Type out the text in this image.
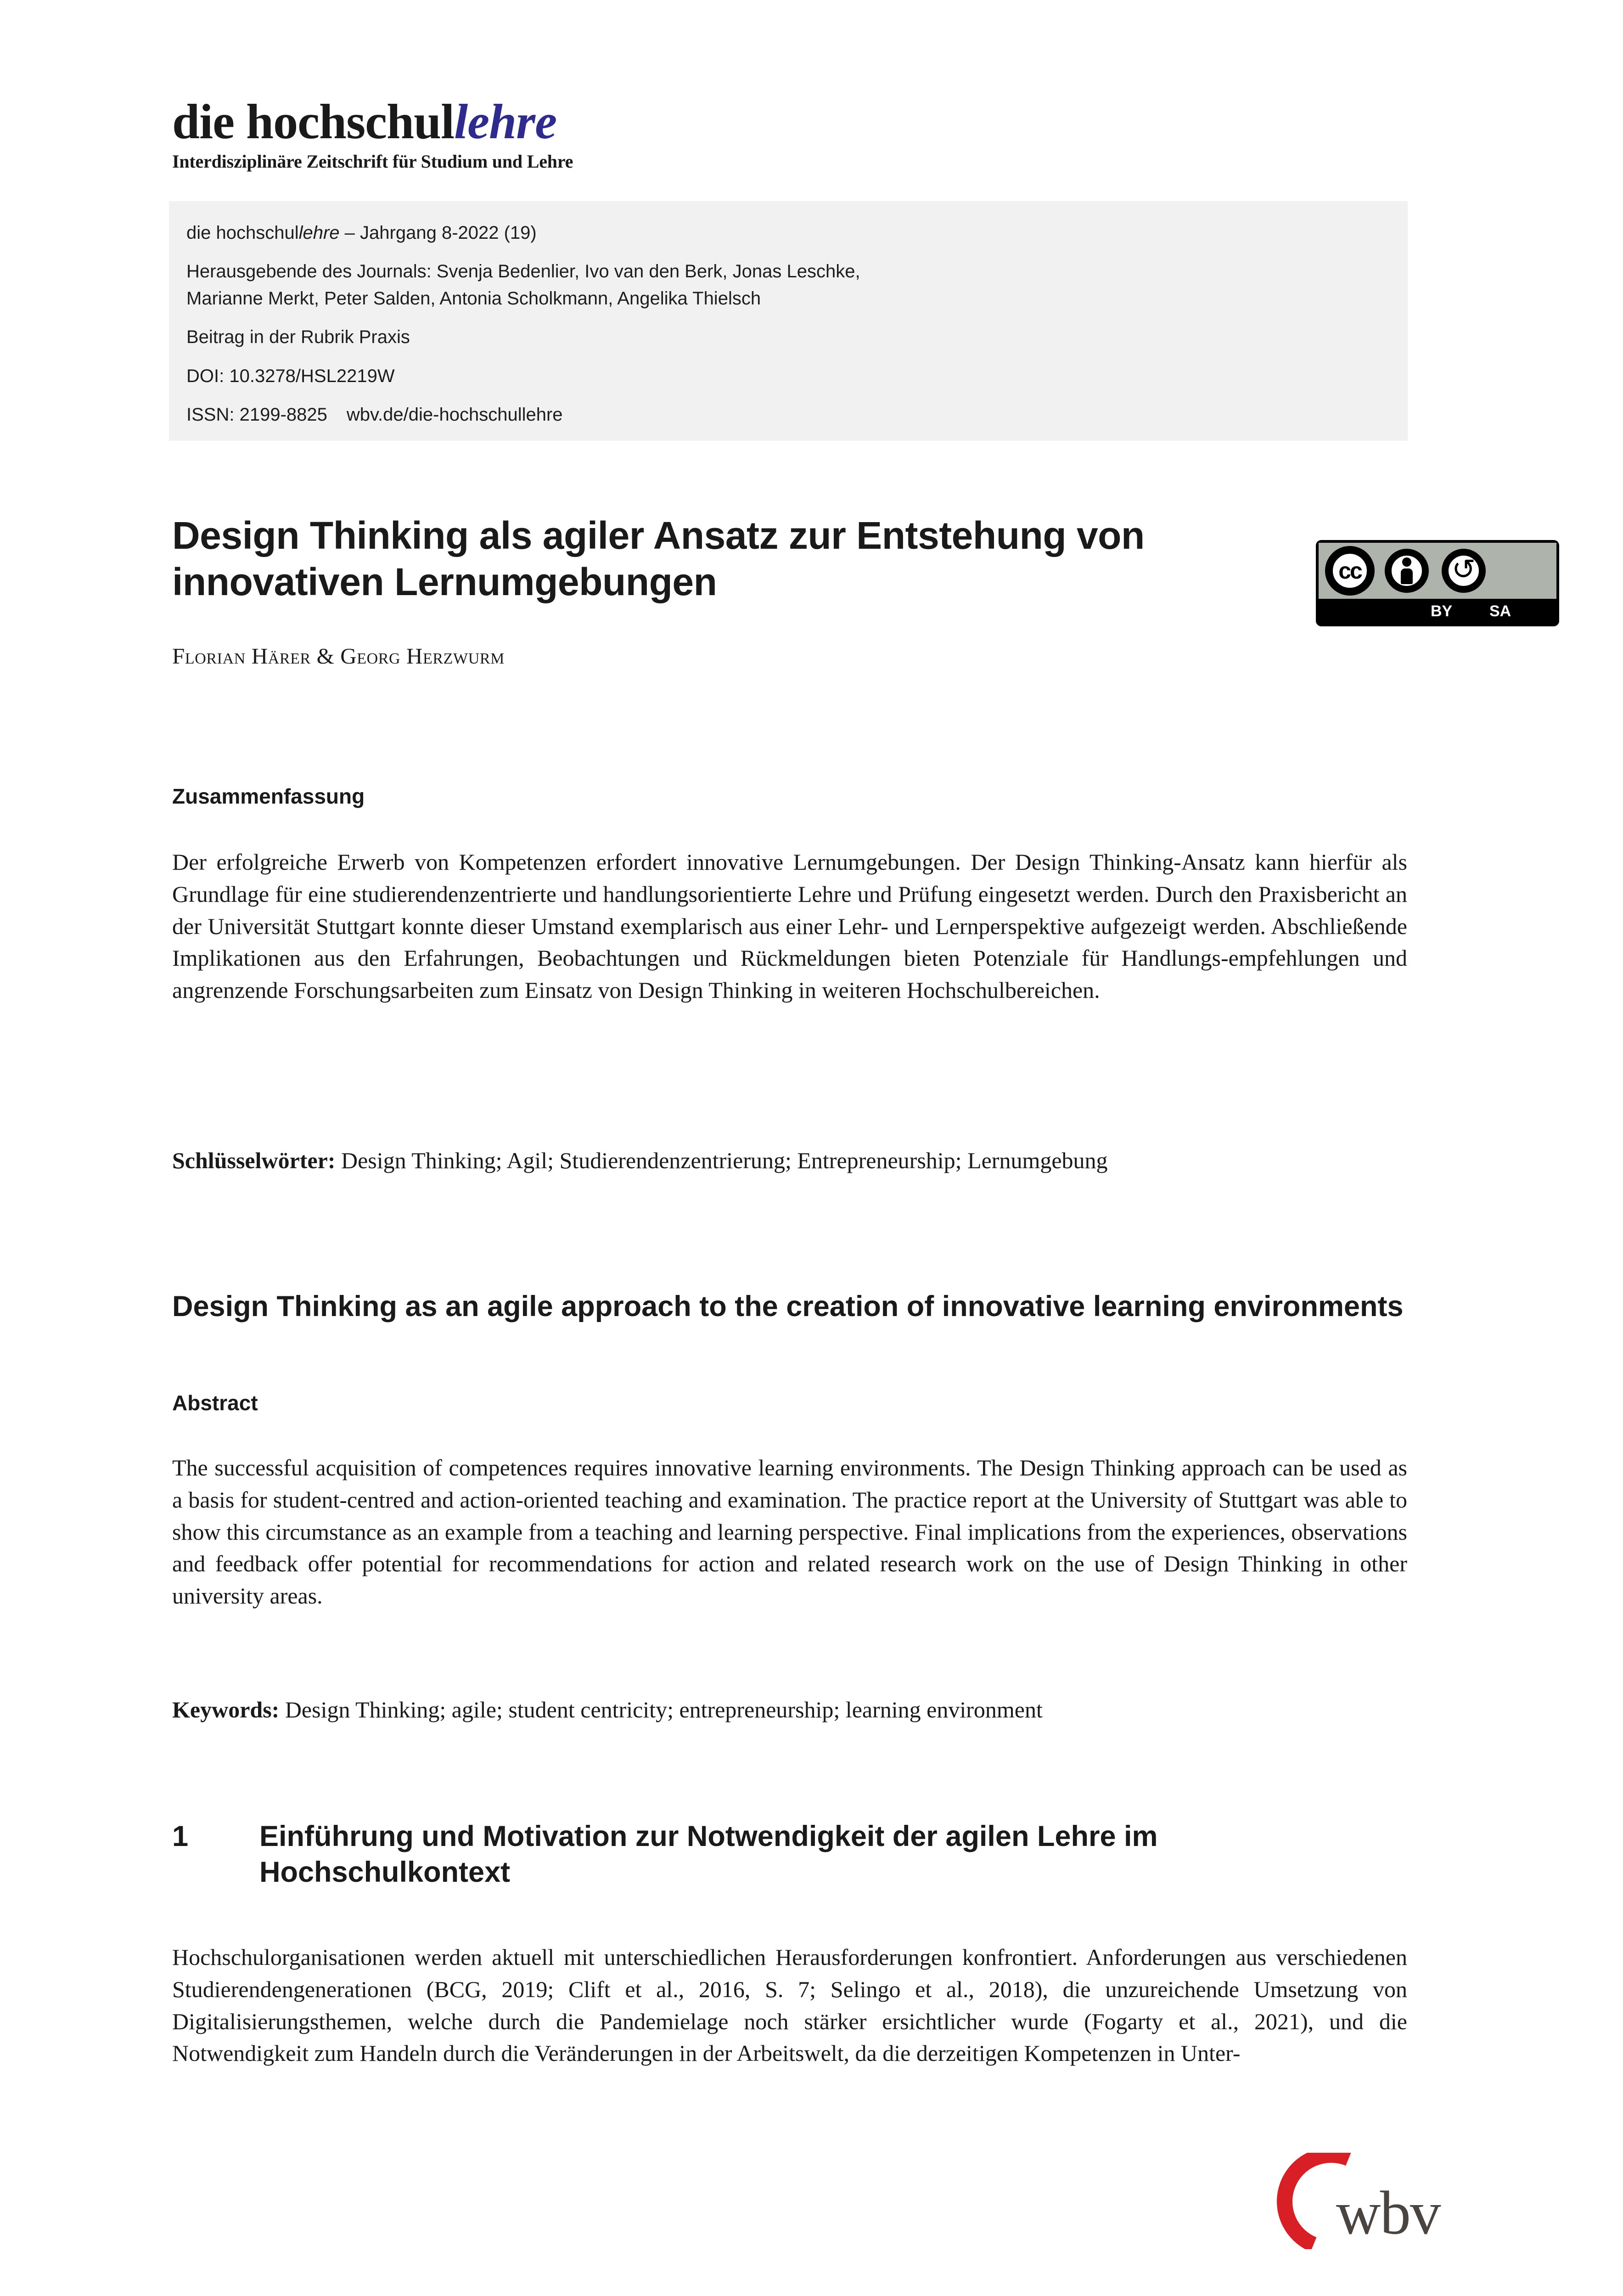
die hochschullehre
Interdisziplinäre Zeitschrift für Studium und Lehre
die hochschullehre – Jahrgang 8-2022 (19)
Herausgebende des Journals: Svenja Bedenlier, Ivo van den Berk, Jonas Leschke,
Marianne Merkt, Peter Salden, Antonia Scholkmann, Angelika Thielsch
Beitrag in der Rubrik Praxis
DOI: 10.3278/HSL2219W
ISSN: 2199-8825 wbv.de/die-hochschullehre
cc	↻
BY SA
Design Thinking als agiler Ansatz zur Entstehung von innovativen Lernumgebungen
Florian Härer & Georg Herzwurm
Zusammenfassung

Der erfolgreiche Erwerb von Kompetenzen erfordert innovative Lernumgebungen. Der Design Thinking-Ansatz kann hierfür als Grundlage für eine studierendenzentrierte und handlungsorientierte Lehre und Prüfung eingesetzt werden. Durch den Praxisbericht an der Universität Stuttgart konnte dieser Umstand exemplarisch aus einer Lehr- und Lernperspektive aufgezeigt werden. Abschließende Implikationen aus den Erfahrungen, Beobachtungen und Rückmeldungen bieten Potenziale für Handlungs-empfehlungen und angrenzende Forschungsarbeiten zum Einsatz von Design Thinking in weiteren Hochschulbereichen.

Schlüsselwörter: Design Thinking; Agil; Studierendenzentrierung; Entrepreneurship; Lernumgebung

Design Thinking as an agile approach to the creation of innovative learning environments
Abstract

The successful acquisition of competences requires innovative learning environments. The Design Thinking approach can be used as a basis for student-centred and action-oriented teaching and examination. The practice report at the University of Stuttgart was able to show this circumstance as an example from a teaching and learning perspective. Final implications from the experiences, observations and feedback offer potential for recommendations for action and related research work on the use of Design Thinking in other university areas.

Keywords: Design Thinking; agile; student centricity; entrepreneurship; learning environment

1	Einführung und Motivation zur Notwendigkeit der agilen Lehre im Hochschulkontext

Hochschulorganisationen werden aktuell mit unterschiedlichen Herausforderungen konfrontiert. Anforderungen aus verschiedenen Studierendengenerationen (BCG, 2019; Clift et al., 2016, S. 7; Selingo et al., 2018), die unzureichende Umsetzung von Digitalisierungsthemen, welche durch die Pandemielage noch stärker ersichtlicher wurde (Fogarty et al., 2021), und die Notwendigkeit zum Handeln durch die Veränderungen in der Arbeitswelt, da die derzeitigen Kompetenzen in Unter-

wbv
